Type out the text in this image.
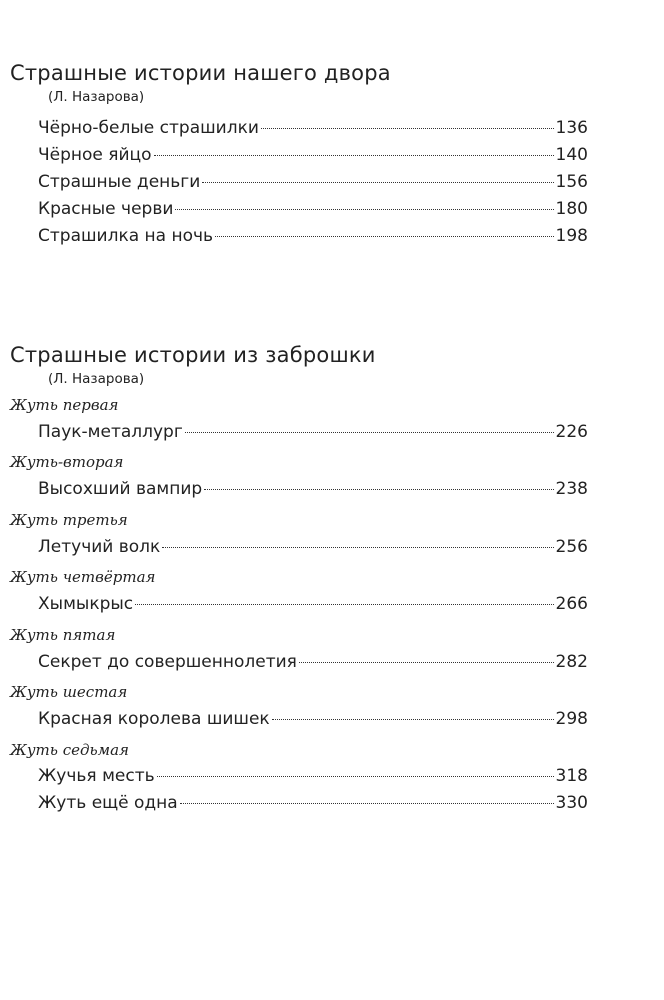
Страшные истории нашего двора
(Л. Назарова)
Чёрно-белые страшилки	136
Чёрное яйцо	140
Страшные деньги	156
Красные черви	180
Страшилка на ночь	198
Страшные истории из заброшки
(Л. Назарова)
Жуть первая
Паук-металлург	226
Жуть-вторая
Высохший вампир	238
Жуть третья
Летучий волк	256
Жуть четвёртая
Хымыкрыс	266
Жуть пятая
Секрет до совершеннолетия	282
Жуть шестая
Красная королева шишек	298
Жуть седьмая
Жучья месть	318
Жуть ещё одна	330
